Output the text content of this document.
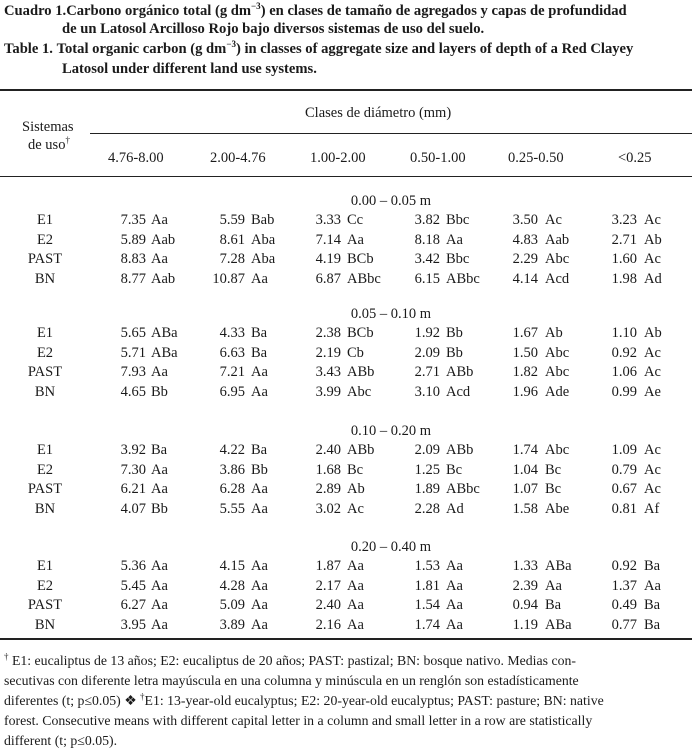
Cuadro 1.Carbono orgánico total (g $dm^{-3}$) en clases de tamaño de agregados y capas de profundidad
de un Latosol Arcilloso Rojo bajo diversos sistemas de uso del suelo.
Table 1. Total organic carbon (g $dm^{-3}$) in classes of aggregate size and layers of depth of a Red Clayey
Latosol under different land use systems.
Sistemas
de uso†
Clases de diámetro (mm)
4.76-8.00	2.00-4.76	1.00-2.00	0.50-1.00	0.25-0.50	<0.25
0.00 – 0.05 m
E1	7.35 Aa	5.59 Bab	3.33 Cc	3.82 Bbc	3.50 Ac	3.23 Ac
E2	5.89 Aab	8.61 Aba	7.14 Aa	8.18 Aa	4.83 Aab	2.71 Ab
PAST	8.83 Aa	7.28 Aba	4.19 BCb	3.42 Bbc	2.29 Abc	1.60 Ac
BN	8.77 Aab	10.87 Aa	6.87 ABbc	6.15 ABbc	4.14 Acd	1.98 Ad
0.05 – 0.10 m
E1	5.65 ABa	4.33 Ba	2.38 BCb	1.92 Bb	1.67 Ab	1.10 Ab
E2	5.71 ABa	6.63 Ba	2.19 Cb	2.09 Bb	1.50 Abc	0.92 Ac
PAST	7.93 Aa	7.21 Aa	3.43 ABb	2.71 ABb	1.82 Abc	1.06 Ac
BN	4.65 Bb	6.95 Aa	3.99 Abc	3.10 Acd	1.96 Ade	0.99 Ae
0.10 – 0.20 m
E1	3.92 Ba	4.22 Ba	2.40 ABb	2.09 ABb	1.74 Abc	1.09 Ac
E2	7.30 Aa	3.86 Bb	1.68 Bc	1.25 Bc	1.04 Bc	0.79 Ac
PAST	6.21 Aa	6.28 Aa	2.89 Ab	1.89 ABbc	1.07 Bc	0.67 Ac
BN	4.07 Bb	5.55 Aa	3.02 Ac	2.28 Ad	1.58 Abe	0.81 Af
0.20 – 0.40 m
E1	5.36 Aa	4.15 Aa	1.87 Aa	1.53 Aa	1.33 ABa	0.92 Ba
E2	5.45 Aa	4.28 Aa	2.17 Aa	1.81 Aa	2.39 Aa	1.37 Aa
PAST	6.27 Aa	5.09 Aa	2.40 Aa	1.54 Aa	0.94 Ba	0.49 Ba
BN	3.95 Aa	3.89 Aa	2.16 Aa	1.74 Aa	1.19 ABa	0.77 Ba
† E1: eucaliptus de 13 años; E2: eucaliptus de 20 años; PAST: pastizal; BN: bosque nativo. Medias con-
secutivas con diferente letra mayúscula en una columna y minúscula en un renglón son estadísticamente
diferentes (t; p≤0.05) ❖ †E1: 13-year-old eucalyptus; E2: 20-year-old eucalyptus; PAST: pasture; BN: native
forest. Consecutive means with different capital letter in a column and small letter in a row are statistically
different (t; p≤0.05).
